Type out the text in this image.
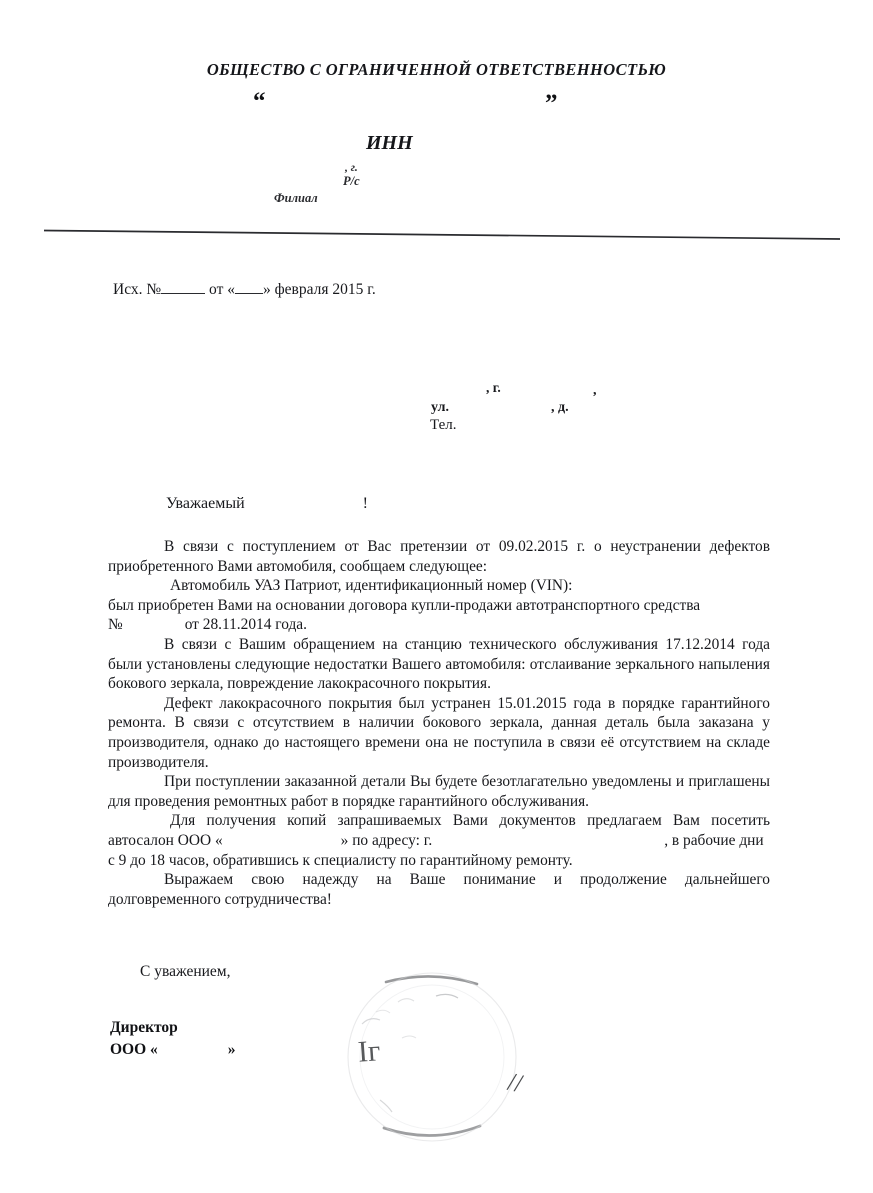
ОБЩЕСТВО С ОГРАНИЧЕННОЙ ОТВЕТСТВЕННОСТЬЮ
“	”
ИНН
, г.
Р/с
Филиал
Исх. №	от « » февраля 2015 г.
, г.	,
ул.	, д.
Тел.
Уважаемый	!

В связи с поступлением от Вас претензии от 09.02.2015 г. о неустранении дефектов приобретенного Вами автомобиля, сообщаем следующее:

Автомобиль УАЗ Патриот, идентификационный номер (VIN):
был приобретен Вами на основании договора купли-продажи автотранспортного средства
№	от 28.11.2014 года.

В связи с Вашим обращением на станцию технического обслуживания 17.12.2014 года были установлены следующие недостатки Вашего автомобиля: отслаивание зеркального напыления бокового зеркала, повреждение лакокрасочного покрытия.

Дефект лакокрасочного покрытия был устранен 15.01.2015 года в порядке гарантийного ремонта. В связи с отсутствием в наличии бокового зеркала, данная деталь была заказана у производителя, однако до настоящего времени она не поступила в связи её отсутствием на складе производителя.

При поступлении заказанной детали Вы будете безотлагательно уведомлены и приглашены для проведения ремонтных работ в порядке гарантийного обслуживания.

Для получения копий запрашиваемых Вами документов предлагаем Вам посетить автосалон ООО «	» по адресу: г.	, в рабочие дни
с 9 до 18 часов, обратившись к специалисту по гарантийному ремонту.

Выражаем свою надежду на Ваше понимание и продолжение дальнейшего долговременного сотрудничества!

С уважением,
Директор
ООО «	»	Іг
//
